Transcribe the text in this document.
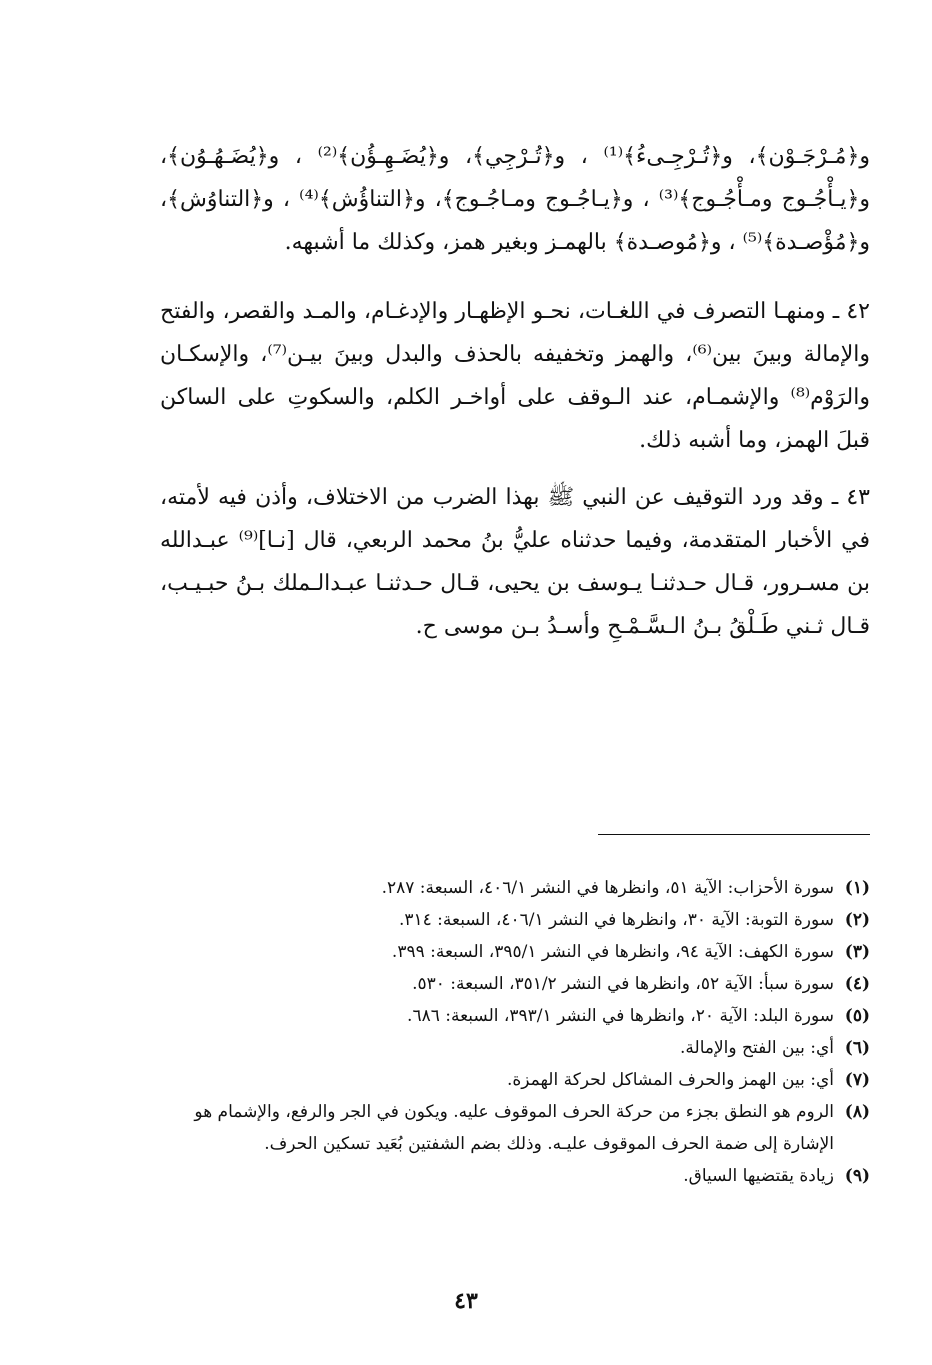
و﴿مُـرْجَـوْن﴾، و﴿تُـرْجِـىءُ﴾⁽¹⁾ ، و﴿تُـرْجِي﴾، و﴿يُضَـهِـؤُن﴾⁽²⁾ ، و﴿يُضَـهُـوُن﴾، و﴿يـأْجُـوج ومـأْجُـوج﴾⁽³⁾ ، و﴿يـاجُـوج ومـاجُـوج﴾، و﴿التناؤُش﴾⁽⁴⁾ ، و﴿التناوُش﴾، و﴿مُؤْصـدة﴾⁽⁵⁾ ، و﴿مُوصـدة﴾ بالهمـز وبغير همز، وكذلك ما أشبهه.

٤٢ ـ ومنهـا التصرف في اللغـات، نحـو الإظهـار والإدغـام، والمـد والقصر، والفتح والإمالة وبينَ بين⁽⁶⁾، والهمز وتخفيفه بالحذف والبدل وبينَ بيـن⁽⁷⁾، والإسكـان والرَوْم⁽⁸⁾ والإشمـام، عند الـوقف على أواخـر الكلم، والسكوتِ على الساكن قبلَ الهمز، وما أشبه ذلك.

٤٣ ـ وقد ورد التوقيف عن النبي ﷺ بهذا الضرب من الاختلاف، وأذن فيه لأمته، في الأخبار المتقدمة، وفيما حدثناه عليُّ بنُ محمد الربعي، قال [نـا]⁽⁹⁾ عبـدالله بن مسـرور، قـال حـدثنـا يـوسف بن يحيى، قـال حـدثنـا عبـدالـملك بـنُ حبـيـب، قـال ثـني طَـلْقُ بـنُ الـسَّـمْـحِ وأسـدُ بـن موسى ح.

(١)
سورة الأحزاب: الآية ٥١، وانظرها في النشر ٤٠٦/١، السبعة: ٢٨٧.
(٢)
سورة التوبة: الآية ٣٠، وانظرها في النشر ٤٠٦/١، السبعة: ٣١٤.
(٣)
سورة الكهف: الآية ٩٤، وانظرها في النشر ٣٩٥/١، السبعة: ٣٩٩.
(٤)
سورة سبأ: الآية ٥٢، وانظرها في النشر ٣٥١/٢، السبعة: ٥٣٠.
(٥)
سورة البلد: الآية ٢٠، وانظرها في النشر ٣٩٣/١، السبعة: ٦٨٦.
(٦)
أي: بين الفتح والإمالة.
(٧)
أي: بين الهمز والحرف المشاكل لحركة الهمزة.
(٨)
الروم هو النطق بجزء من حركة الحرف الموقوف عليه. ويكون في الجر والرفع، والإشمام هو الإشارة إلى ضمة الحرف الموقوف عليـه. وذلك بضم الشفتين بُعَيد تسكين الحرف.
(٩)
زيادة يقتضيها السياق.
٤٣
